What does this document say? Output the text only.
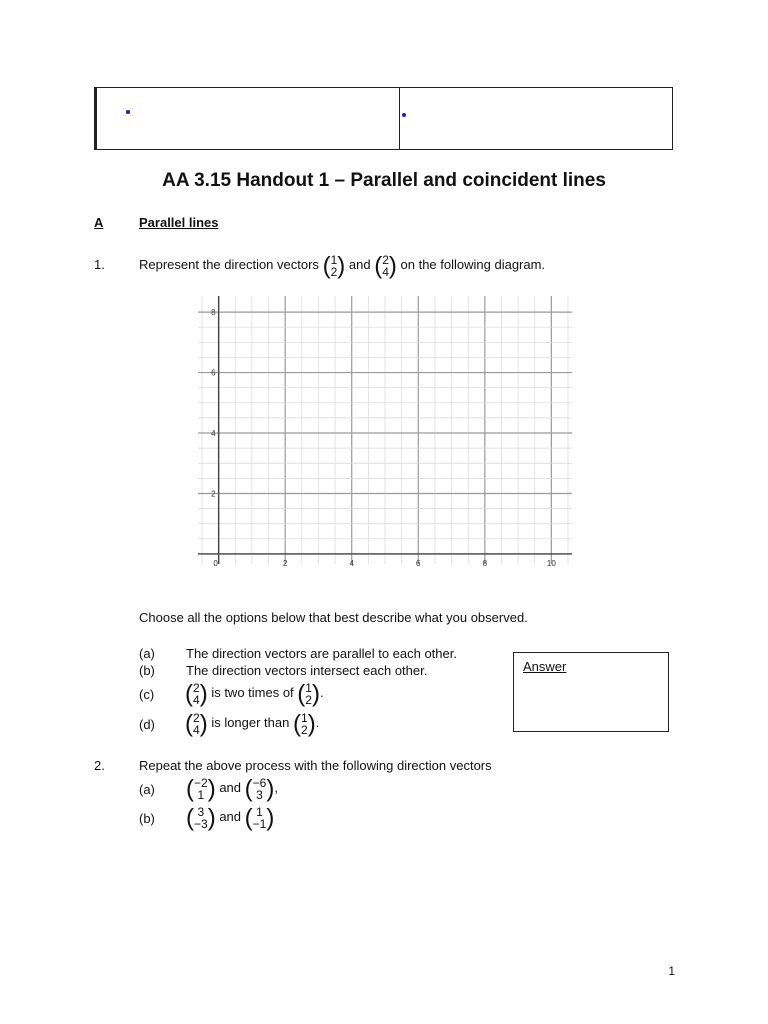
AA 3.15 Handout 1 – Parallel and coincident lines
A	Parallel lines
1.	Represent the direction vectors ( 1
2 ) and ( 2
4 ) on the following diagram.
0	2	4	6	8	10
2
4
6
8
Choose all the options below that best describe what you observed.
(a) The direction vectors are parallel to each other.
(b) The direction vectors intersect each other.
(c) ( 2
4 ) is two times of ( 1
2 ).
(d) ( 2
4 ) is longer than ( 1
2 ).
Answer
2.	Repeat the above process with the following direction vectors
(a) ( −2
1 ) and ( −6
3 ),
(b) ( 3
−3 ) and ( 1
−1 )
1
